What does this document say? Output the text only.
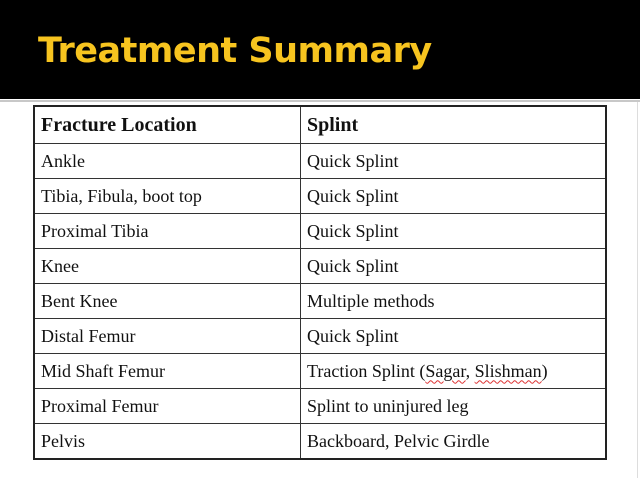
Treatment Summary
Fracture Location	Splint
Ankle	Quick Splint
Tibia, Fibula, boot top	Quick Splint
Proximal Tibia	Quick Splint
Knee	Quick Splint
Bent Knee	Multiple methods
Distal Femur	Quick Splint
Mid Shaft Femur	Traction Splint (Sagar, Slishman)
Proximal Femur	Splint to uninjured leg
Pelvis	Backboard, Pelvic Girdle
